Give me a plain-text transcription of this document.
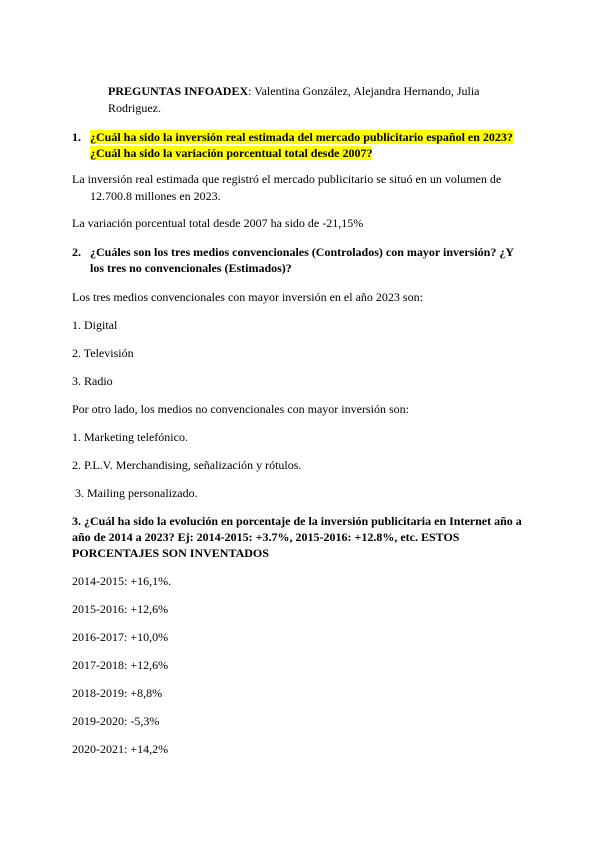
PREGUNTAS INFOADEX: Valentina González, Alejandra Hernando, Julia
Rodriguez.
1. ¿Cuál ha sido la inversión real estimada del mercado publicitario español en 2023?
¿Cuál ha sido la variación porcentual total desde 2007?
La inversión real estimada que registró el mercado publicitario se situó en un volumen de
12.700.8 millones en 2023.
La variación porcentual total desde 2007 ha sido de -21,15%
2. ¿Cuáles son los tres medios convencionales (Controlados) con mayor inversión? ¿Y
los tres no convencionales (Estimados)?
Los tres medios convencionales con mayor inversión en el año 2023 son:
1. Digital
2. Televisión
3. Radio
Por otro lado, los medios no convencionales con mayor inversión son:
1. Marketing telefónico.
2. P.L.V. Merchandising, señalización y rótulos.
3. Mailing personalizado.
3. ¿Cuál ha sido la evolución en porcentaje de la inversión publicitaria en Internet año a
año de 2014 a 2023? Ej: 2014-2015: +3.7%, 2015-2016: +12.8%, etc. ESTOS
PORCENTAJES SON INVENTADOS
2014-2015: +16,1%.
2015-2016: +12,6%
2016-2017: +10,0%
2017-2018: +12,6%
2018-2019: +8,8%
2019-2020: -5,3%
2020-2021: +14,2%
